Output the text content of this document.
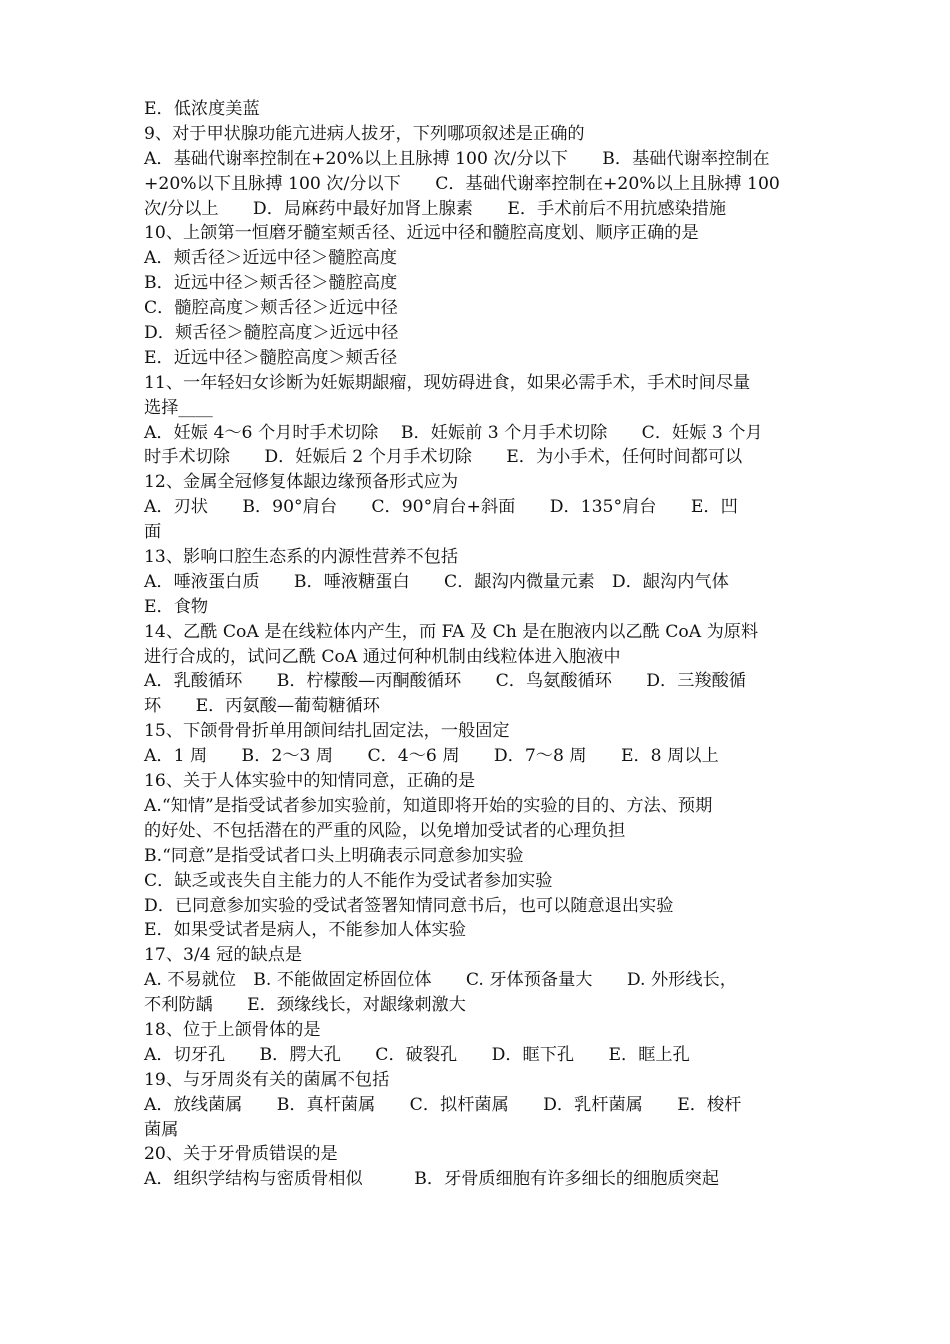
E．低浓度美蓝
9、对于甲状腺功能亢进病人拔牙，下列哪项叙述是正确的
A．基础代谢率控制在+20%以上且脉搏 100 次/分以下　　B．基础代谢率控制在
+20%以下且脉搏 100 次/分以下　　C．基础代谢率控制在+20%以上且脉搏 100
次/分以上　　D．局麻药中最好加肾上腺素　　E．手术前后不用抗感染措施
10、上颌第一恒磨牙髓室颊舌径、近远中径和髓腔高度划、顺序正确的是
A．颊舌径＞近远中径＞髓腔高度
B．近远中径＞颊舌径＞髓腔高度
C．髓腔高度＞颊舌径＞近远中径
D．颊舌径＞髓腔高度＞近远中径
E．近远中径＞髓腔高度＞颊舌径
11、一年轻妇女诊断为妊娠期龈瘤，现妨碍进食，如果必需手术，手术时间尽量
选择____
A．妊娠 4～6 个月时手术切除　 B．妊娠前 3 个月手术切除　　C．妊娠 3 个月
时手术切除　　D．妊娠后 2 个月手术切除　　E．为小手术，任何时间都可以
12、金属全冠修复体龈边缘预备形式应为
A．刃状　　B．90°肩台　　C．90°肩台+斜面　　D．135°肩台　　E．凹
面
13、影响口腔生态系的内源性营养不包括
A．唾液蛋白质　　B．唾液糖蛋白　　C．龈沟内微量元素　D．龈沟内气体
E．食物
14、乙酰 CoA 是在线粒体内产生，而 FA 及 Ch 是在胞液内以乙酰 CoA 为原料
进行合成的，试问乙酰 CoA 通过何种机制由线粒体进入胞液中
A．乳酸循环　　B．柠檬酸—丙酮酸循环　　C．鸟氨酸循环　　D．三羧酸循
环　　E．丙氨酸—葡萄糖循环
15、下颌骨骨折单用颌间结扎固定法，一般固定
A．1 周　　B．2～3 周　　C．4～6 周　　D．7～8 周　　E．8 周以上
16、关于人体实验中的知情同意，正确的是
A.“知情”是指受试者参加实验前，知道即将开始的实验的目的、方法、预期
的好处、不包括潜在的严重的风险，以免增加受试者的心理负担
B.“同意”是指受试者口头上明确表示同意参加实验
C．缺乏或丧失自主能力的人不能作为受试者参加实验
D．已同意参加实验的受试者签署知情同意书后，也可以随意退出实验
E．如果受试者是病人，不能参加人体实验
17、3/4 冠的缺点是
A. 不易就位　B. 不能做固定桥固位体　　C. 牙体预备量大　　D. 外形线长，
不利防龋　　E．颈缘线长，对龈缘刺激大
18、位于上颌骨体的是
A．切牙孔　　B．腭大孔　　C．破裂孔　　D．眶下孔　　E．眶上孔
19、与牙周炎有关的菌属不包括
A．放线菌属　　B．真杆菌属　　C．拟杆菌属　　D．乳杆菌属　　E．梭杆
菌属
20、关于牙骨质错误的是
A．组织学结构与密质骨相似　　　B．牙骨质细胞有许多细长的细胞质突起
